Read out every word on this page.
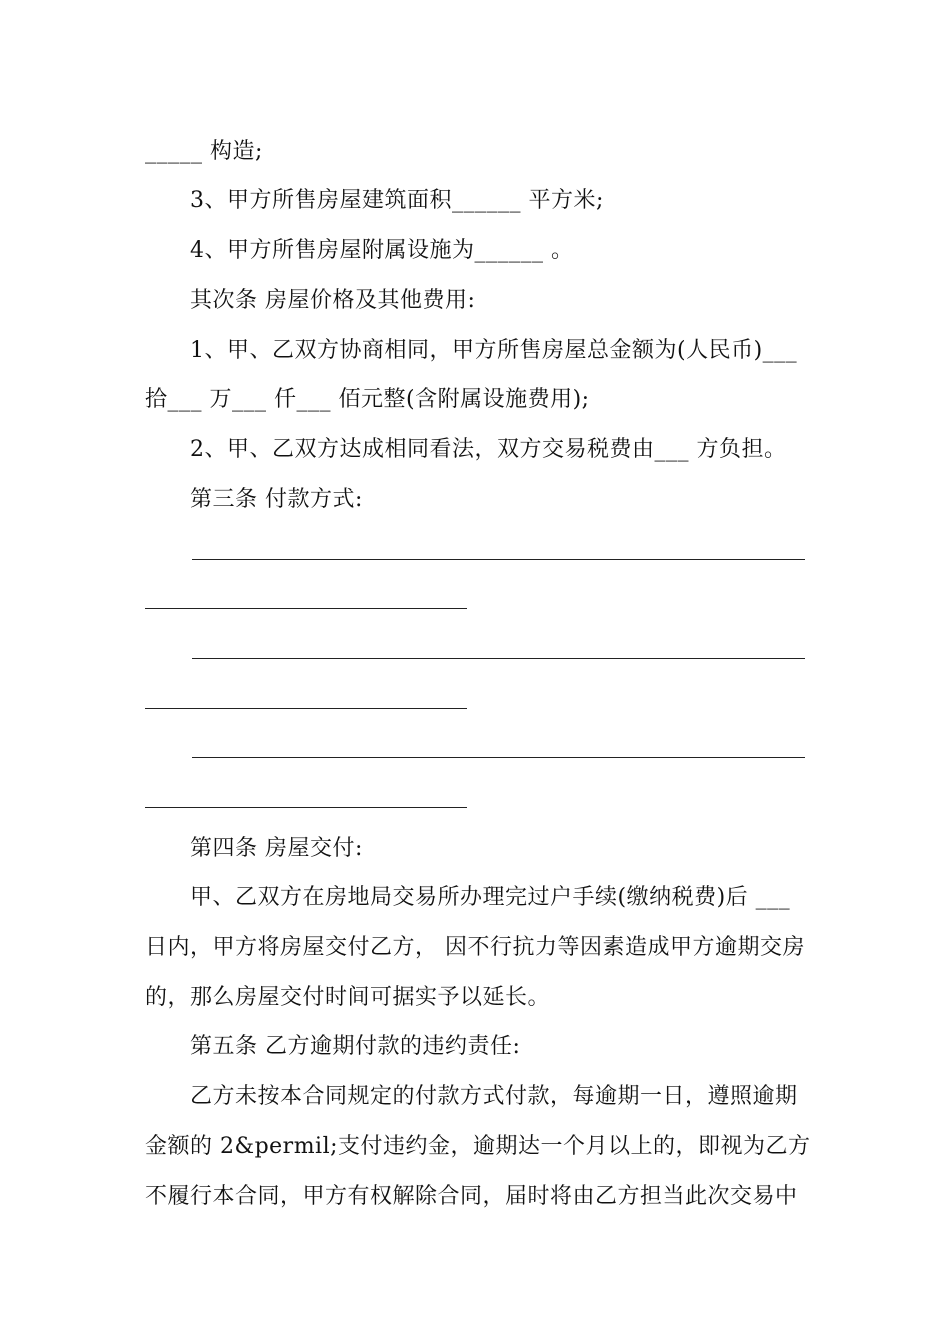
_____ 构造;
3、甲方所售房屋建筑面积______ 平方米;
4、甲方所售房屋附属设施为______ 。
其次条 房屋价格及其他费用:
1、甲、乙双方协商相同，甲方所售房屋总金额为(人民币)___
拾___ 万___ 仟___ 佰元整(含附属设施费用);
2、甲、乙双方达成相同看法，双方交易税费由___ 方负担。
第三条 付款方式:
第四条 房屋交付:
甲、乙双方在房地局交易所办理完过户手续(缴纳税费)后 ___
日内，甲方将房屋交付乙方， 因不行抗力等因素造成甲方逾期交房
的，那么房屋交付时间可据实予以延长。
第五条 乙方逾期付款的违约责任:
乙方未按本合同规定的付款方式付款，每逾期一日，遵照逾期
金额的 2&permil;支付违约金，逾期达一个月以上的，即视为乙方
不履行本合同，甲方有权解除合同，届时将由乙方担当此次交易中
